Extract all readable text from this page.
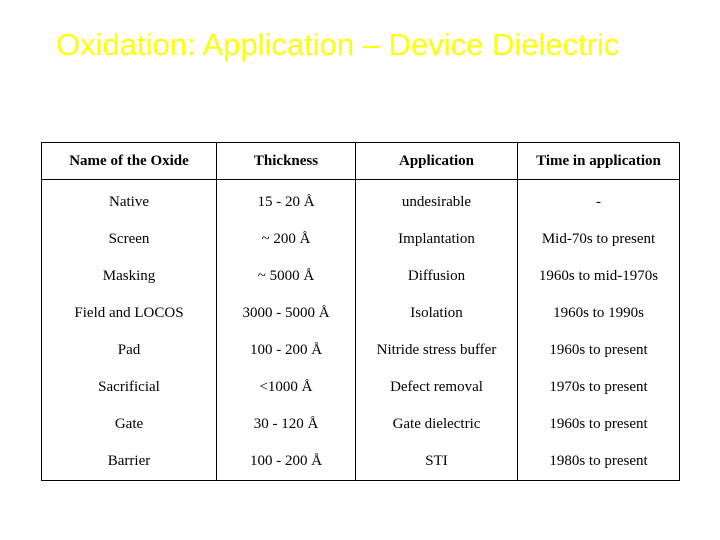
Oxidation: Application – Device Dielectric
Name of the Oxide	Thickness	Application	Time in application
Native	15 - 20 Å	undesirable	-
Screen	~ 200 Å	Implantation	Mid-70s to present
Masking	~ 5000 Å	Diffusion	1960s to mid-1970s
Field and LOCOS	3000 - 5000 Å	Isolation	1960s to 1990s
Pad	100 - 200 Å	Nitride stress buffer	1960s to present
Sacrificial	<1000 Å	Defect removal	1970s to present
Gate	30 - 120 Å	Gate dielectric	1960s to present
Barrier	100 - 200 Å	STI	1980s to present
